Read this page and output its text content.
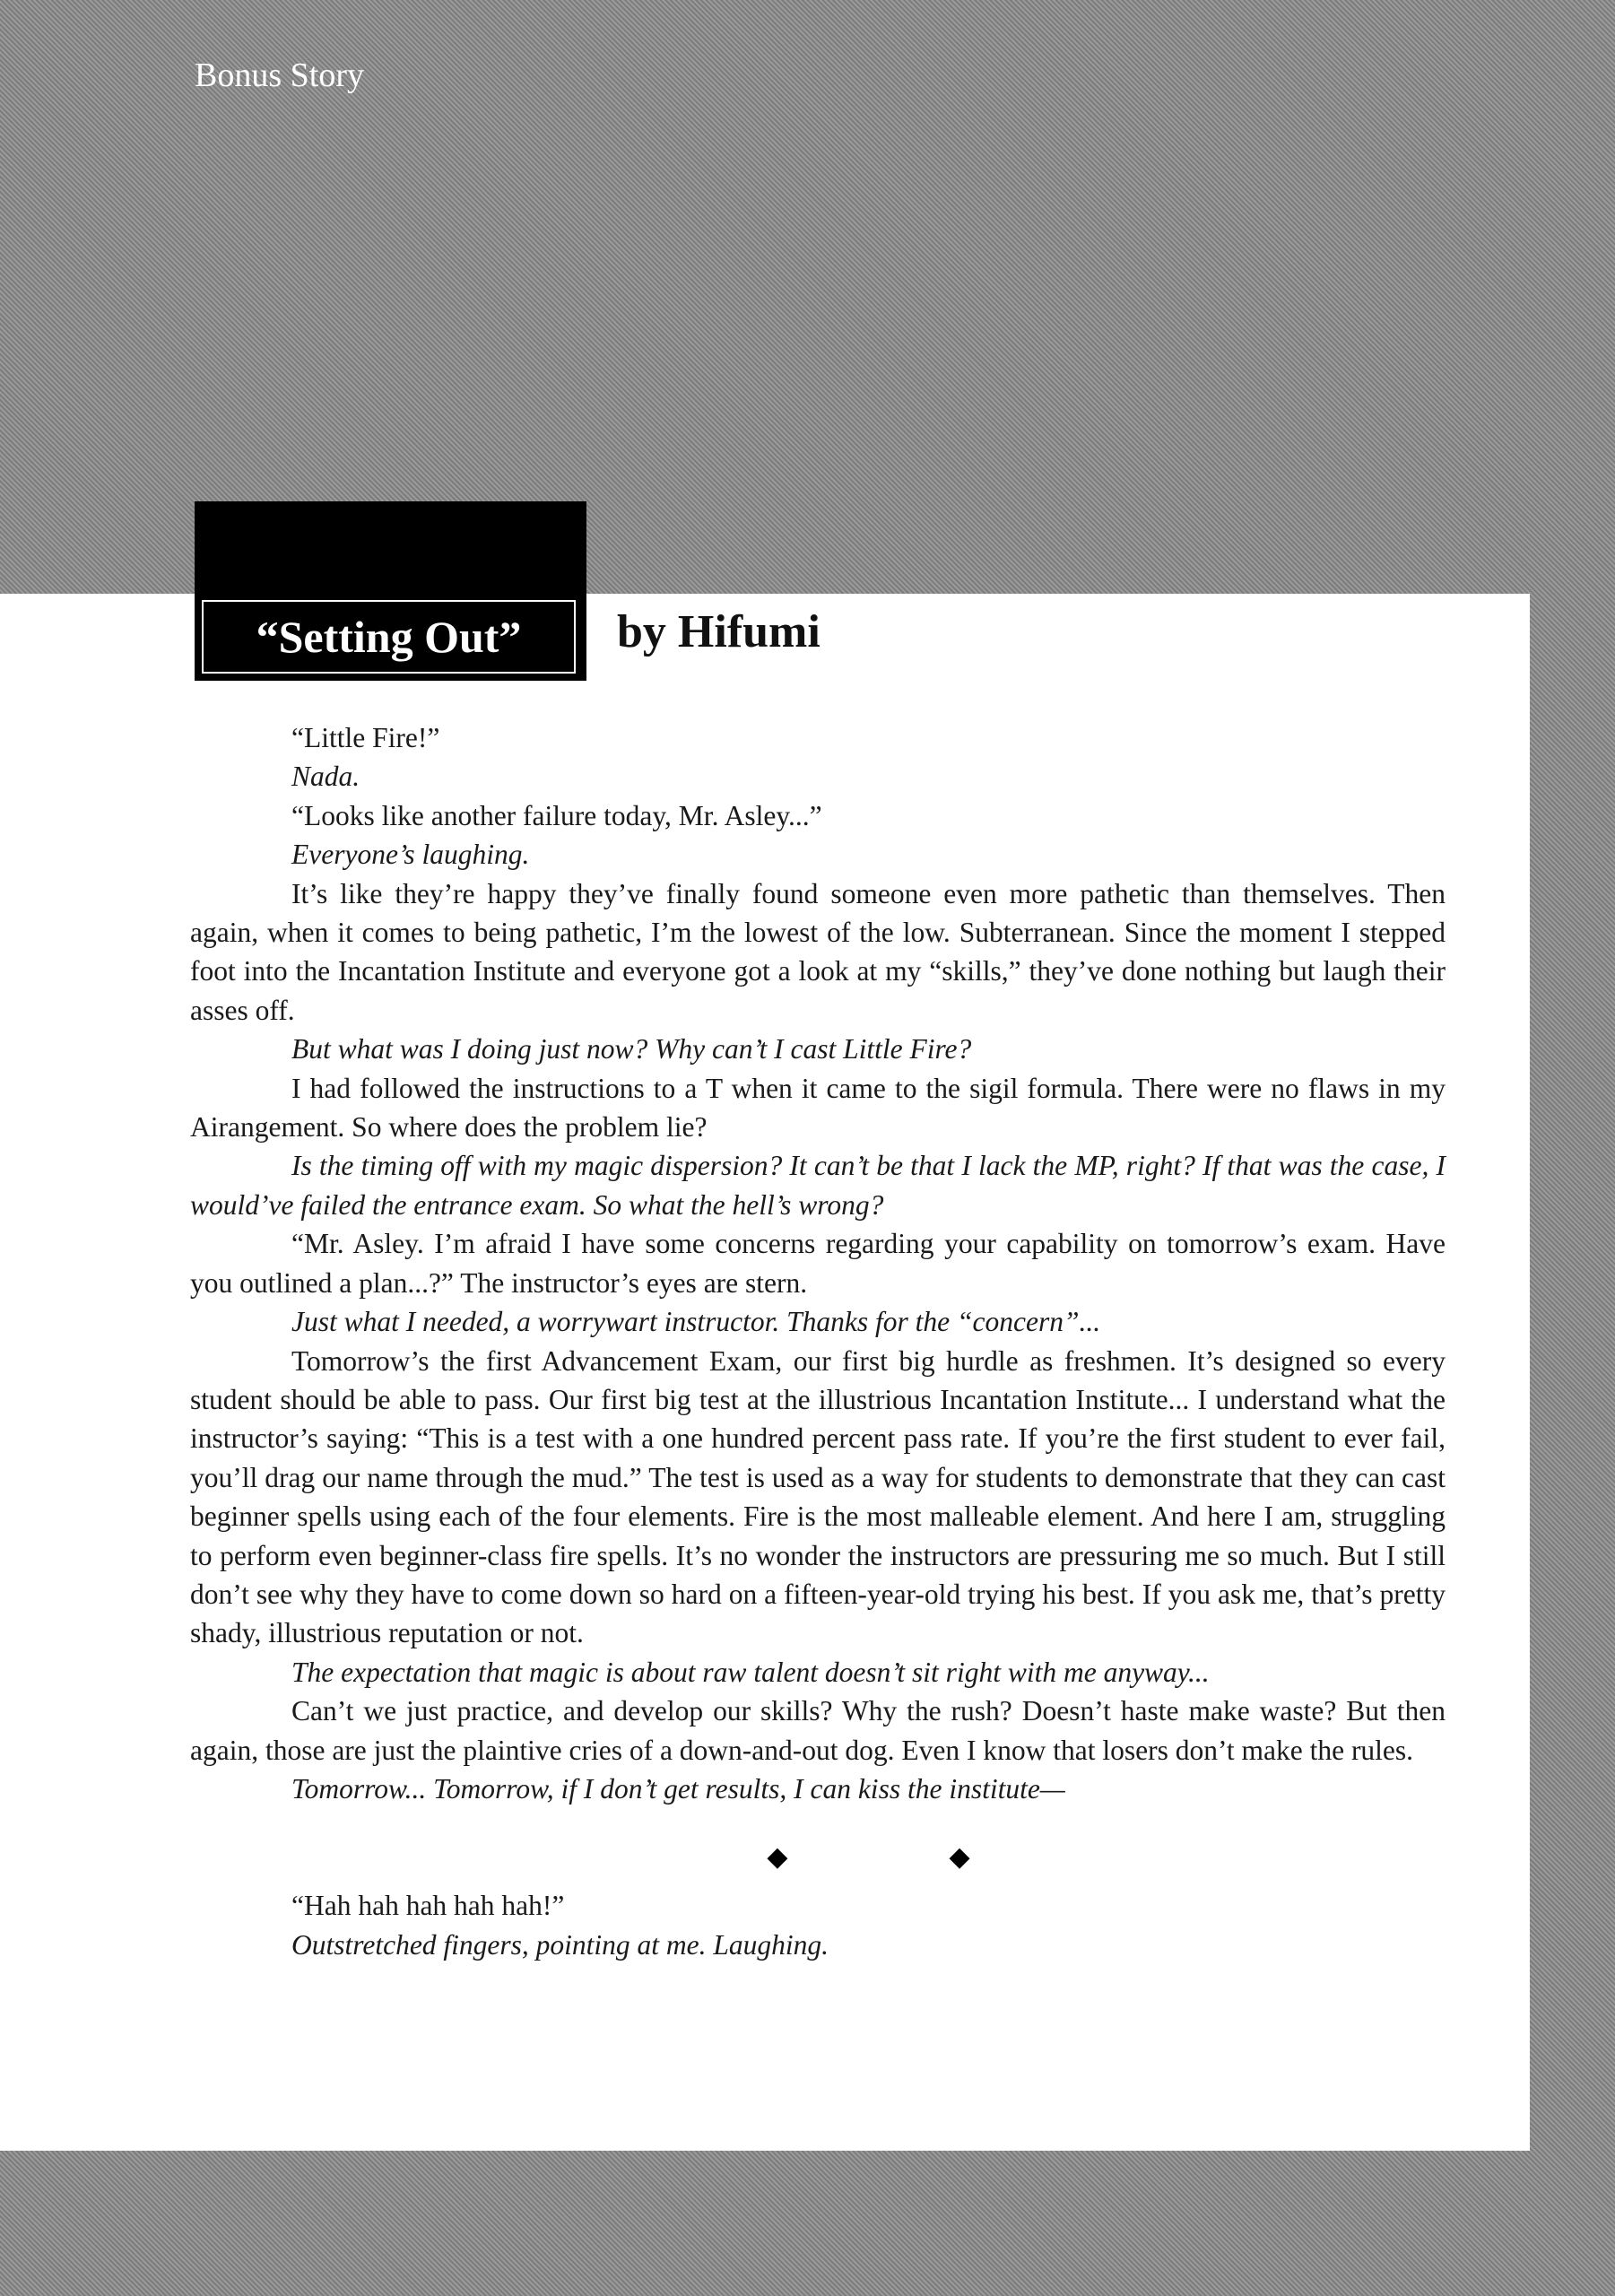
Bonus Story
“Setting Out” by Hifumi

“Little Fire!”

Nada.

“Looks like another failure today, Mr. Asley...”

Everyone’s laughing.

It’s like they’re happy they’ve finally found someone even more pathetic than themselves. Then again, when it comes to being pathetic, I’m the lowest of the low. Subterranean. Since the moment I stepped foot into the Incantation Institute and everyone got a look at my “skills,” they’ve done nothing but laugh their asses off.

But what was I doing just now? Why can’t I cast Little Fire?

I had followed the instructions to a T when it came to the sigil formula. There were no flaws in my Airangement. So where does the problem lie?

Is the timing off with my magic dispersion? It can’t be that I lack the MP, right? If that was the case, I would’ve failed the entrance exam. So what the hell’s wrong?

“Mr. Asley. I’m afraid I have some concerns regarding your capability on tomorrow’s exam. Have you outlined a plan...?” The instructor’s eyes are stern.

Just what I needed, a worrywart instructor. Thanks for the “concern”...

Tomorrow’s the first Advancement Exam, our first big hurdle as freshmen. It’s designed so every student should be able to pass. Our first big test at the illustrious Incantation Institute... I understand what the instructor’s saying: “This is a test with a one hundred percent pass rate. If you’re the first student to ever fail, you’ll drag our name through the mud.” The test is used as a way for students to demonstrate that they can cast beginner spells using each of the four elements. Fire is the most malleable element. And here I am, struggling to perform even beginner-class fire spells. It’s no wonder the instructors are pressuring me so much. But I still don’t see why they have to come down so hard on a fifteen-year-old trying his best. If you ask me, that’s pretty shady, illustrious reputation or not.

The expectation that magic is about raw talent doesn’t sit right with me anyway...

Can’t we just practice, and develop our skills? Why the rush? Doesn’t haste make waste? But then again, those are just the plaintive cries of a down-and-out dog. Even I know that losers don’t make the rules.

Tomorrow... Tomorrow, if I don’t get results, I can kiss the institute—

◆	◆

“Hah hah hah hah hah!”

Outstretched fingers, pointing at me. Laughing.
